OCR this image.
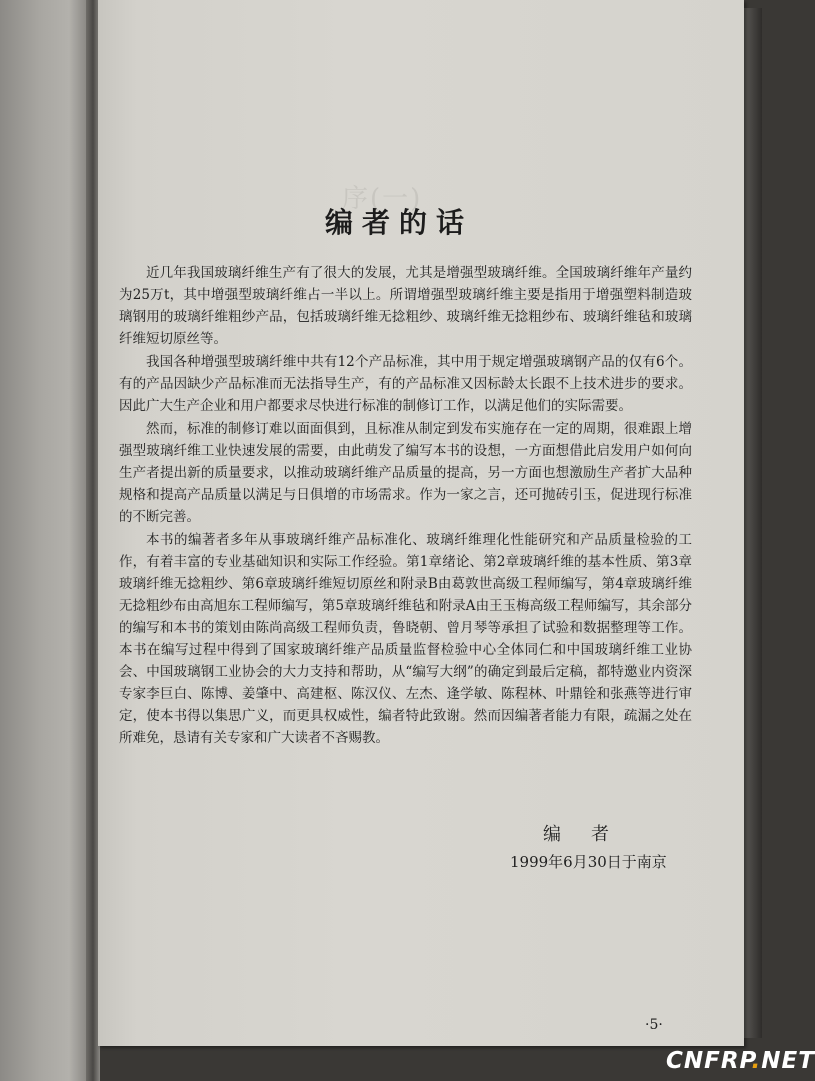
序(一)
编者的话

近几年我国玻璃纤维生产有了很大的发展，尤其是增强型玻璃纤维。全国玻璃纤维年产量约为25万t，其中增强型玻璃纤维占一半以上。所谓增强型玻璃纤维主要是指用于增强塑料制造玻璃钢用的玻璃纤维粗纱产品，包括玻璃纤维无捻粗纱、玻璃纤维无捻粗纱布、玻璃纤维毡和玻璃纤维短切原丝等。

我国各种增强型玻璃纤维中共有12个产品标准，其中用于规定增强玻璃钢产品的仅有6个。有的产品因缺少产品标准而无法指导生产，有的产品标准又因标龄太长跟不上技术进步的要求。因此广大生产企业和用户都要求尽快进行标准的制修订工作，以满足他们的实际需要。

然而，标准的制修订难以面面俱到，且标准从制定到发布实施存在一定的周期，很难跟上增强型玻璃纤维工业快速发展的需要，由此萌发了编写本书的设想，一方面想借此启发用户如何向生产者提出新的质量要求，以推动玻璃纤维产品质量的提高，另一方面也想激励生产者扩大品种规格和提高产品质量以满足与日俱增的市场需求。作为一家之言，还可抛砖引玉，促进现行标准的不断完善。

本书的编著者多年从事玻璃纤维产品标准化、玻璃纤维理化性能研究和产品质量检验的工作，有着丰富的专业基础知识和实际工作经验。第1章绪论、第2章玻璃纤维的基本性质、第3章玻璃纤维无捻粗纱、第6章玻璃纤维短切原丝和附录B由葛敦世高级工程师编写，第4章玻璃纤维无捻粗纱布由高旭东工程师编写，第5章玻璃纤维毡和附录A由王玉梅高级工程师编写，其余部分的编写和本书的策划由陈尚高级工程师负责，鲁晓朝、曾月琴等承担了试验和数据整理等工作。本书在编写过程中得到了国家玻璃纤维产品质量监督检验中心全体同仁和中国玻璃纤维工业协会、中国玻璃钢工业协会的大力支持和帮助，从“编写大纲”的确定到最后定稿，都特邀业内资深专家李巨白、陈博、姜肇中、高建枢、陈汉仪、左杰、逢学敏、陈程林、叶鼎铨和张燕等进行审定，使本书得以集思广义，而更具权威性，编者特此致谢。然而因编著者能力有限，疏漏之处在所难免，恳请有关专家和广大读者不吝赐教。

编者
1999年6月30日于南京
·5·
CNFRP.NET
